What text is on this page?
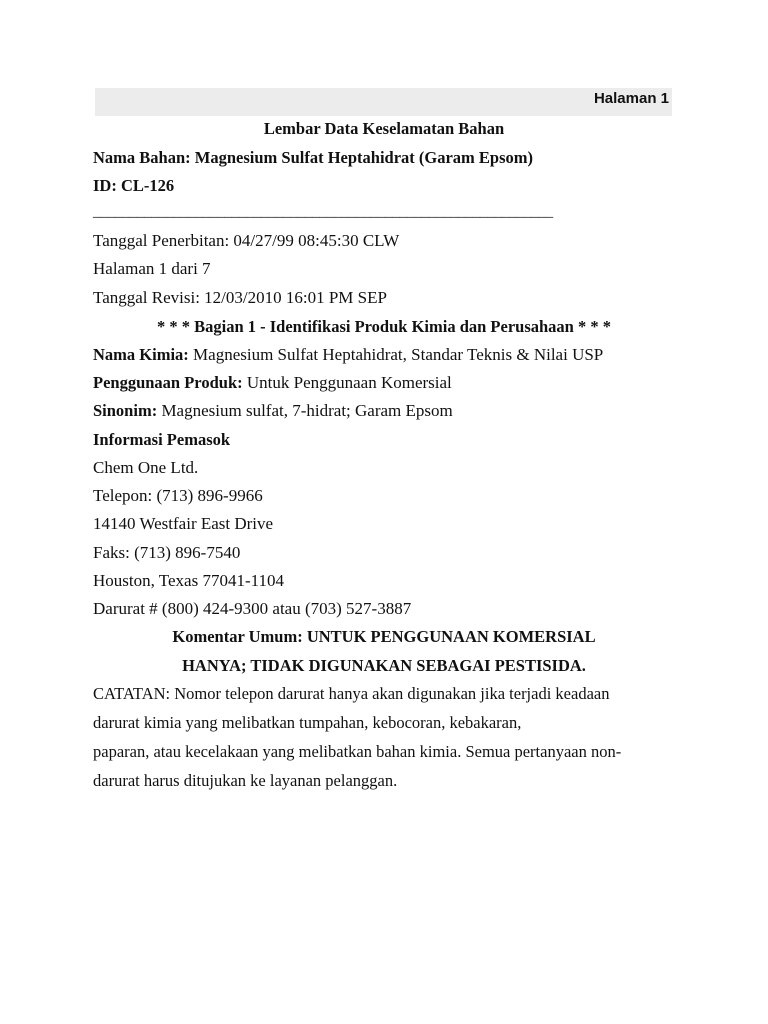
Halaman 1
Lembar Data Keselamatan Bahan
Nama Bahan: Magnesium Sulfat Heptahidrat (Garam Epsom)
ID: CL-126
_______________________________________________________________
Tanggal Penerbitan: 04/27/99 08:45:30 CLW
Halaman 1 dari 7
Tanggal Revisi: 12/03/2010 16:01 PM SEP
* * * Bagian 1 - Identifikasi Produk Kimia dan Perusahaan * * *
Nama Kimia: Magnesium Sulfat Heptahidrat, Standar Teknis & Nilai USP
Penggunaan Produk: Untuk Penggunaan Komersial
Sinonim: Magnesium sulfat, 7-hidrat; Garam Epsom
Informasi Pemasok
Chem One Ltd.
Telepon: (713) 896-9966
14140 Westfair East Drive
Faks: (713) 896-7540
Houston, Texas 77041-1104
Darurat # (800) 424-9300 atau (703) 527-3887
Komentar Umum: UNTUK PENGGUNAAN KOMERSIAL
HANYA; TIDAK DIGUNAKAN SEBAGAI PESTISIDA.
CATATAN: Nomor telepon darurat hanya akan digunakan jika terjadi keadaan
darurat kimia yang melibatkan tumpahan, kebocoran, kebakaran,
paparan, atau kecelakaan yang melibatkan bahan kimia. Semua pertanyaan non-
darurat harus ditujukan ke layanan pelanggan.
